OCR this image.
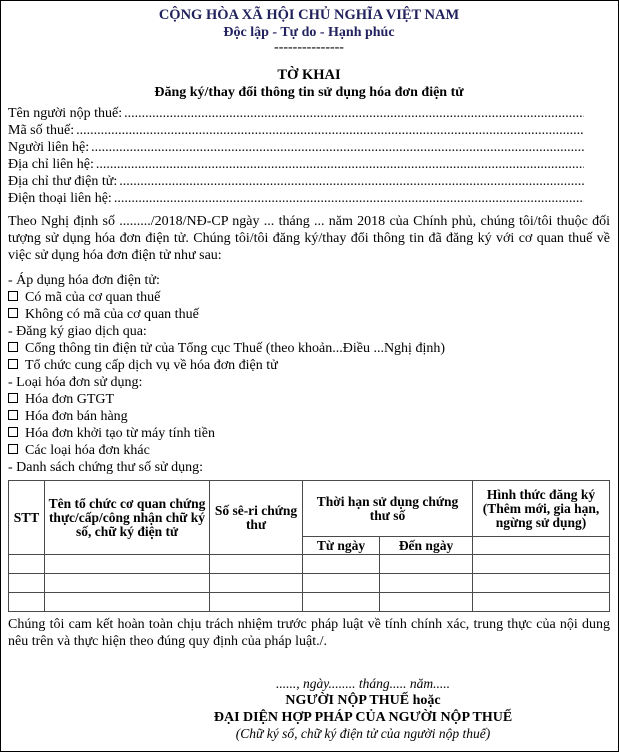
CỘNG HÒA XÃ HỘI CHỦ NGHĨA VIỆT NAM
Độc lập - Tự do - Hạnh phúc
---------------
TỜ KHAI
Đăng ký/thay đổi thông tin sử dụng hóa đơn điện tử
Tên người nộp thuế:
.....
Mã số thuế:
.....
Người liên hệ:
.....
Địa chỉ liên hệ:
.....
Địa chỉ thư điện tử:
.....
Điện thoại liên hệ:
.....

Theo Nghị định số ........./2018/NĐ-CP ngày ... tháng ... năm 2018 của Chính phủ, chúng tôi/tôi thuộc đối tượng sử dụng hóa đơn điện tử. Chúng tôi/tôi đăng ký/thay đổi thông tin đã đăng ký với cơ quan thuế về việc sử dụng hóa đơn điện tử như sau:

- Áp dụng hóa đơn điện tử:
Có mã của cơ quan thuế
Không có mã của cơ quan thuế
- Đăng ký giao dịch qua:
Cổng thông tin điện tử của Tổng cục Thuế (theo khoản...Điều ...Nghị định)
Tổ chức cung cấp dịch vụ về hóa đơn điện tử
- Loại hóa đơn sử dụng:
Hóa đơn GTGT
Hóa đơn bán hàng
Hóa đơn khởi tạo từ máy tính tiền
Các loại hóa đơn khác
- Danh sách chứng thư số sử dụng:
STT	Tên tổ chức cơ quan chứng thực/cấp/công nhận chữ ký số, chữ ký điện tử	Số sê-ri chứng thư	Thời hạn sử dụng chứng thư số		Hình thức đăng ký (Thêm mới, gia hạn, ngừng sử dụng)
			Từ ngày	Đến ngày	

Chúng tôi cam kết hoàn toàn chịu trách nhiệm trước pháp luật về tính chính xác, trung thực của nội dung nêu trên và thực hiện theo đúng quy định của pháp luật./.

......, ngày........ tháng..... năm.....
NGƯỜI NỘP THUẾ hoặc
ĐẠI DIỆN HỢP PHÁP CỦA NGƯỜI NỘP THUẾ
(Chữ ký số, chữ ký điện tử của người nộp thuế)
